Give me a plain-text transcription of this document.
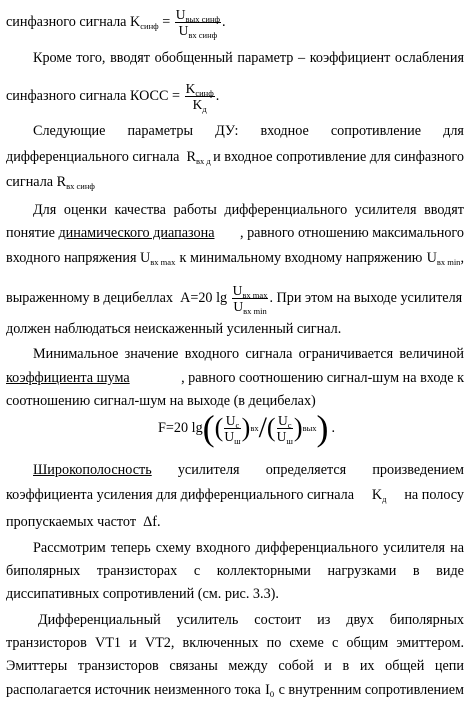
синфазного сигнала $K_{синф} = \frac{U_{вых синф}}{U_{вх синф}}$ .
Кроме того, вводят обобщенный параметр – коэффициент ослабления
синфазного сигнала КОСС = $\frac{K_{синф}}{K_д}$ .
Следующие параметры ДУ: входное сопротивление для
дифференциального сигнала $R_{вх д}$ и входное сопротивление для синфазного
сигнала $R_{вх синф}$
Для оценки качества работы дифференциального усилителя вводят
понятие динамического диапазона , равного отношению максимального
входного напряжения $U_{вх max}$ к минимальному входному напряжению $U_{вх min}$,
выраженному в децибеллах A=20 $\lg \frac{U_{вх max}}{U_{вх min}}$ . При этом на выходе усилителя
должен наблюдаться неискаженный усиленный сигнал.
Минимальное значение входного сигнала ограничивается величиной
коэффициента шума	, равного соотношению сигнал-шум на входе к
соотношению сигнал-шум на выходе (в децибелах)
F=20 lg ( ( $\frac{U_с}{U_ш}$ ) вх / ( $\frac{U_с}{U_ш}$ ) вых ) .
Широкополосность усилителя определяется произведением
коэффициента усиления для дифференциального сигнала $K_д$ на полосу
пропускаемых частот Δf.
Рассмотрим теперь схему входного дифференциального усилителя на
биполярных транзисторах с коллекторными нагрузками в виде
диссипативных сопротивлений (см. рис. 3.3).
Дифференциальный усилитель состоит из двух биполярных
транзисторов VT1 и VT2, включенных по схеме с общим эмиттером.
Эмиттеры транзисторов связаны между собой и в их общей цепи
располагается источник неизменного тока $I_0$ с внутренним сопротивлением
